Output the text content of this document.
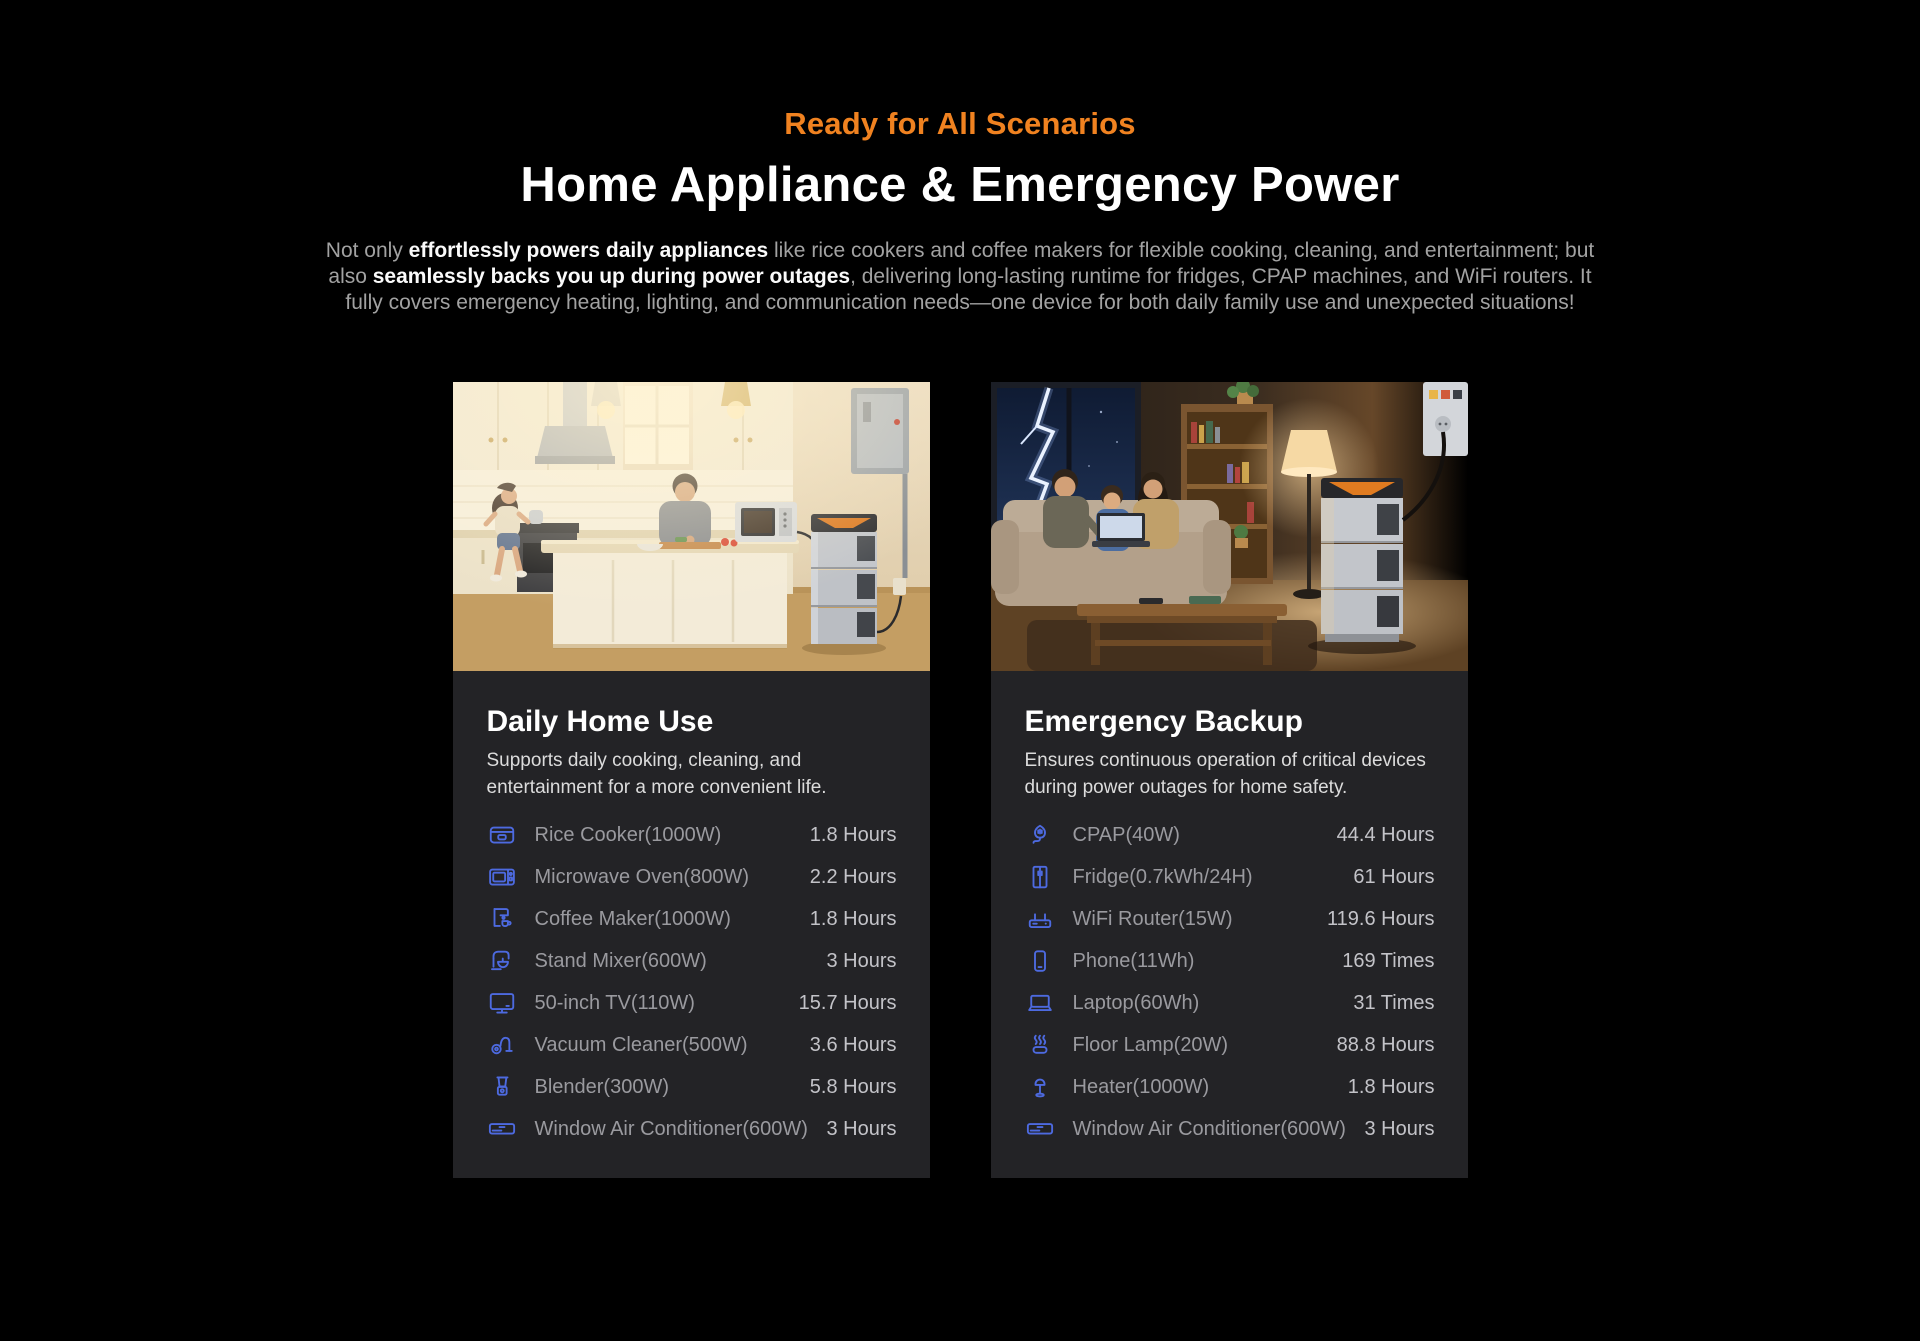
Ready for All Scenarios
Home Appliance & Emergency Power

Not only effortlessly powers daily appliances like rice cookers and coffee makers for flexible cooking, cleaning, and entertainment; but also seamlessly backs you up during power outages, delivering long-lasting runtime for fridges, CPAP machines, and WiFi routers. It fully covers emergency heating, lighting, and communication needs—one device for both daily family use and unexpected situations!

Daily Home Use
Supports daily cooking, cleaning, and entertainment for a more convenient life.
Rice Cooker(1000W)	1.8 Hours
Microwave Oven(800W)	2.2 Hours
Coffee Maker(1000W)	1.8 Hours
Stand Mixer(600W)	3 Hours
50-inch TV(110W)	15.7 Hours
Vacuum Cleaner(500W)	3.6 Hours
Blender(300W)	5.8 Hours
Window Air Conditioner(600W) 3 Hours
Emergency Backup
Ensures continuous operation of critical devices during power outages for home safety.
CPAP(40W)	44.4 Hours
Fridge(0.7kWh/24H)	61 Hours
WiFi Router(15W)	119.6 Hours
Phone(11Wh)	169 Times
Laptop(60Wh)	31 Times
Floor Lamp(20W)	88.8 Hours
Heater(1000W)	1.8 Hours
Window Air Conditioner(600W) 3 Hours
